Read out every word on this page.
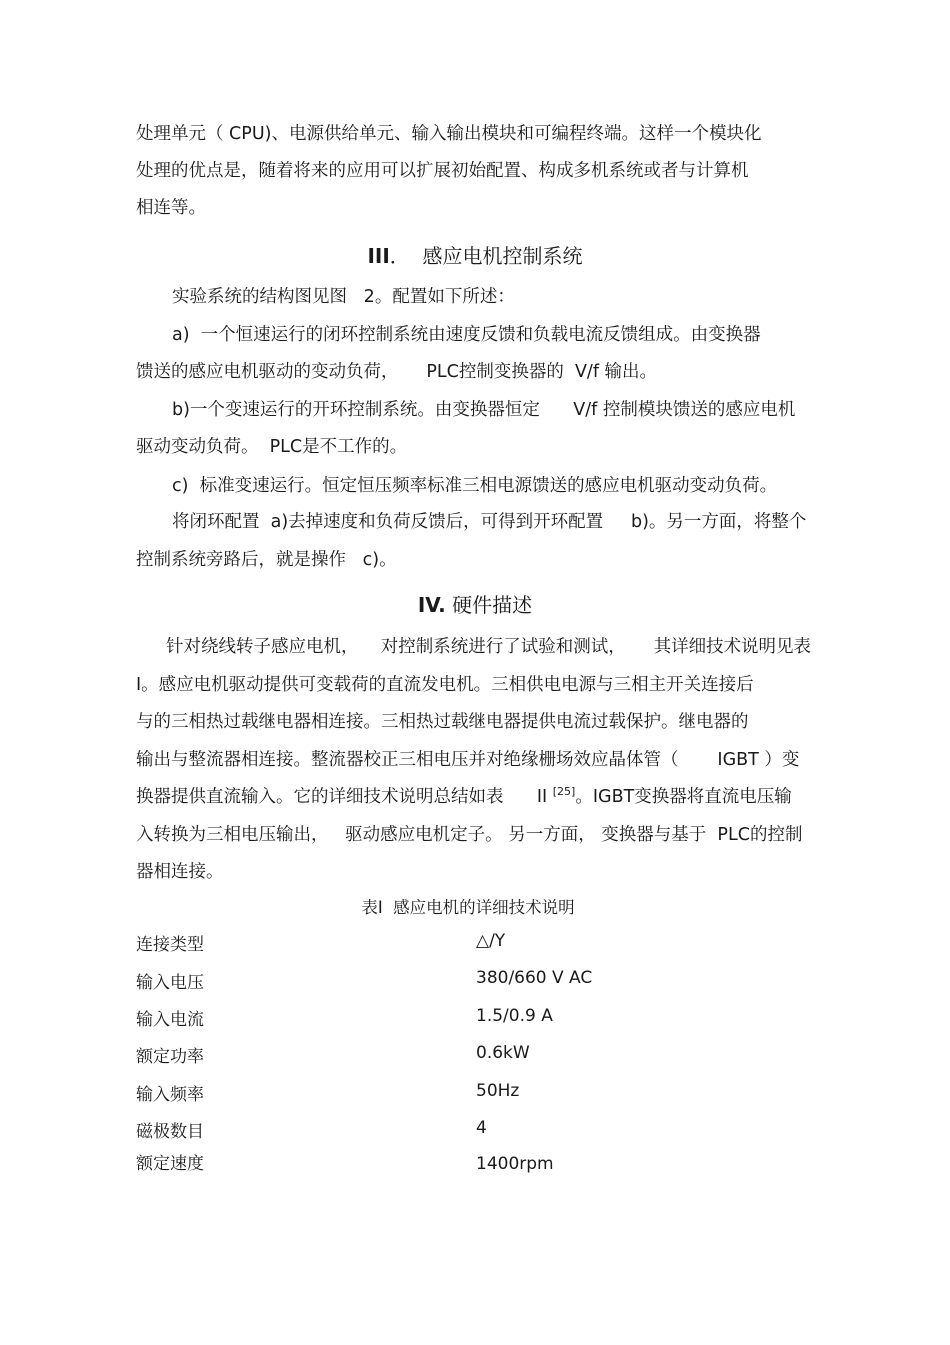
处理单元（ CPU)、电源供给单元、输入输出模块和可编程终端。这样一个模块化
处理的优点是，随着将来的应用可以扩展初始配置、构成多机系统或者与计算机
相连等。
III．  感应电机控制系统
实验系统的结构图见图   2。配置如下所述：
a)  一个恒速运行的闭环控制系统由速度反馈和负载电流反馈组成。由变换器
馈送的感应电机驱动的变动负荷，     PLC控制变换器的  V/f 输出。
b)一个变速运行的开环控制系统。由变换器恒定      V/f 控制模块馈送的感应电机
驱动变动负荷。  PLC是不工作的。
c)  标准变速运行。恒定恒压频率标准三相电源馈送的感应电机驱动变动负荷。
将闭环配置  a)去掉速度和负荷反馈后，可得到开环配置     b)。另一方面，将整个
控制系统旁路后，就是操作   c)。
IV. 硬件描述
针对绕线转子感应电机，    对控制系统进行了试验和测试，     其详细技术说明见表
I。感应电机驱动提供可变载荷的直流发电机。三相供电电源与三相主开关连接后
与的三相热过载继电器相连接。三相热过载继电器提供电流过载保护。继电器的
输出与整流器相连接。整流器校正三相电压并对绝缘栅场效应晶体管（       IGBT ）变
换器提供直流输入。它的详细技术说明总结如表      II [25]。IGBT变换器将直流电压输
入转换为三相电压输出，   驱动感应电机定子。 另一方面， 变换器与基于  PLC的控制
器相连接。
表I  感应电机的详细技术说明
连接类型	△/Y
输入电压	380/660 V AC
输入电流	1.5/0.9 A
额定功率	0.6kW
输入频率	50Hz
磁极数目	4
额定速度	1400rpm
